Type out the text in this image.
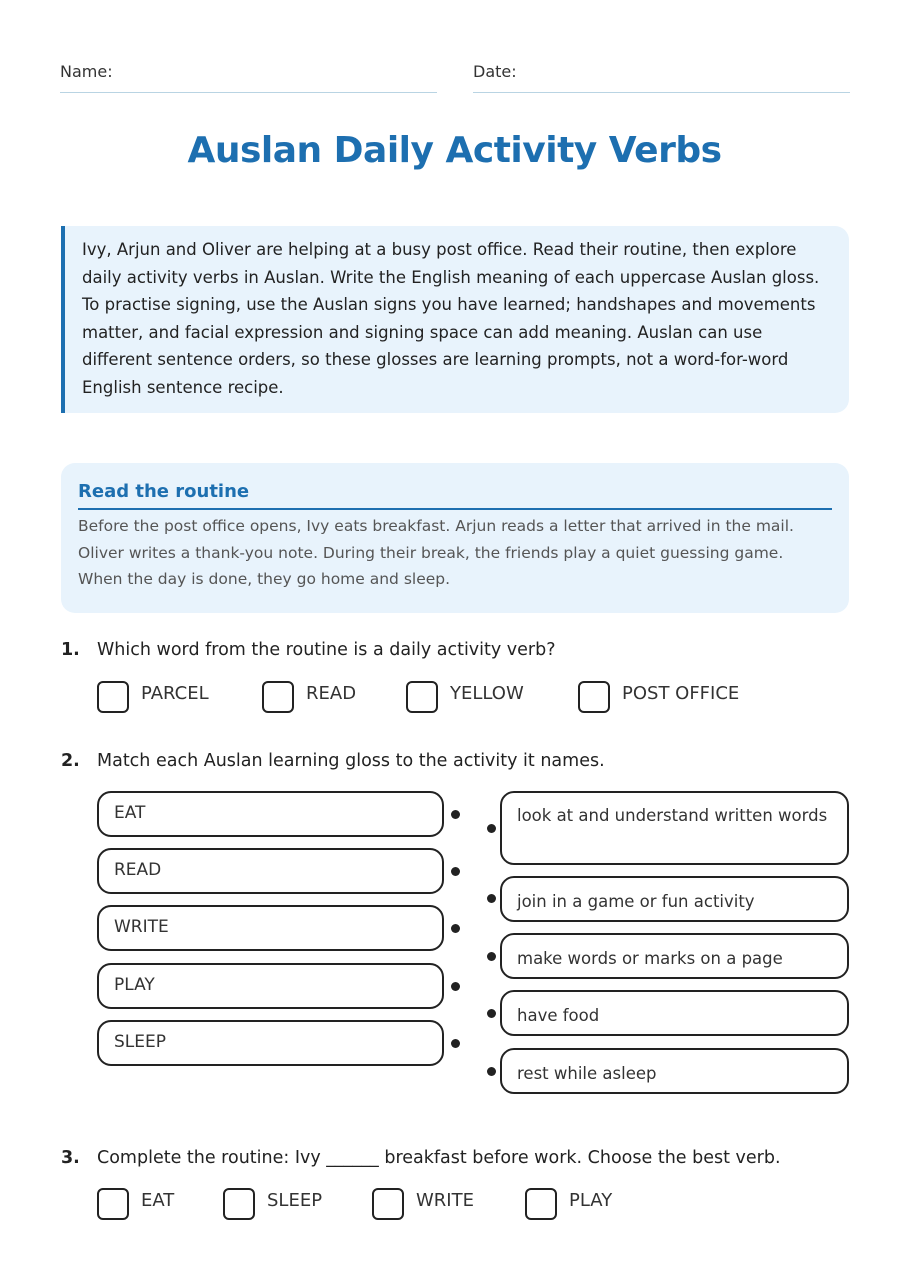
Name:	Date:
Auslan Daily Activity Verbs
Ivy, Arjun and Oliver are helping at a busy post office. Read their routine, then explore daily activity verbs in Auslan. Write the English meaning of each uppercase Auslan gloss. To practise signing, use the Auslan signs you have learned; handshapes and movements matter, and facial expression and signing space can add meaning. Auslan can use different sentence orders, so these glosses are learning prompts, not a word-for-word English sentence recipe.
Read the routine
Before the post office opens, Ivy eats breakfast. Arjun reads a letter that arrived in the mail. Oliver writes a thank-you note. During their break, the friends play a quiet guessing game. When the day is done, they go home and sleep.
1. Which word from the routine is a daily activity verb?
PARCEL	READ	YELLOW	POST OFFICE
2. Match each Auslan learning gloss to the activity it names.
EAT
READ
WRITE
PLAY
SLEEP
look at and understand written words
join in a game or fun activity
make words or marks on a page
have food
rest while asleep
3. Complete the routine: Ivy ______ breakfast before work. Choose the best verb.
EAT	SLEEP	WRITE	PLAY
